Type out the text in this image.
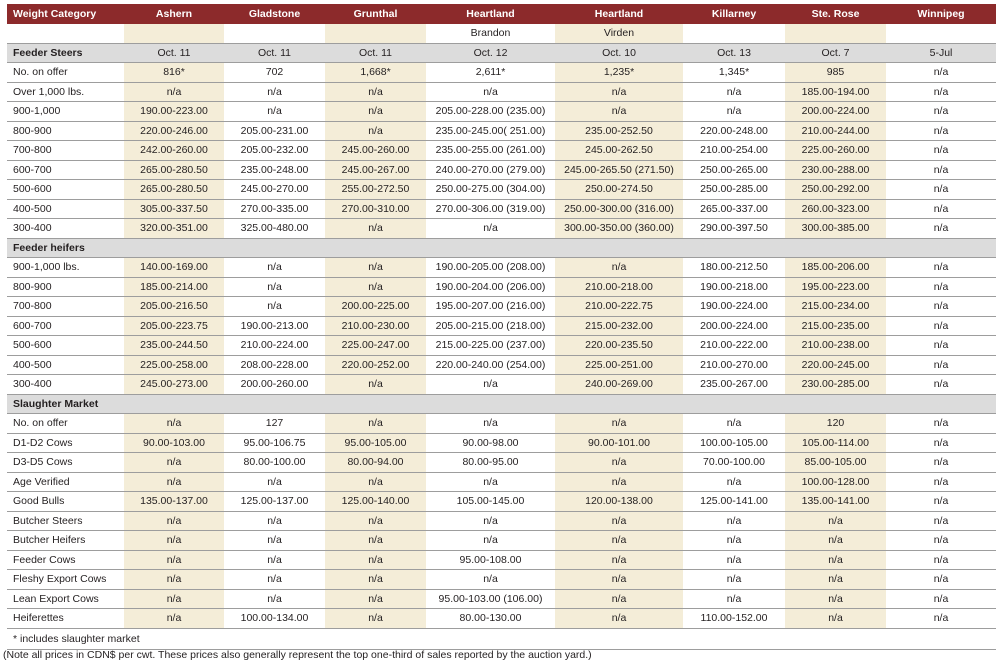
Weight Category	Ashern	Gladstone	Grunthal	Heartland	Heartland	Killarney	Ste. Rose	Winnipeg
				Brandon	Virden			
Feeder Steers	Oct. 11	Oct. 11	Oct. 11	Oct. 12	Oct. 10	Oct. 13	Oct. 7	5-Jul
No. on offer	816*	702	1,668*	2,611*	1,235*	1,345*	985	n/a
Over 1,000 lbs.	n/a	n/a	n/a	n/a	n/a	n/a	185.00-194.00	n/a
900-1,000	190.00-223.00	n/a	n/a	205.00-228.00 (235.00)	n/a	n/a	200.00-224.00	n/a
800-900	220.00-246.00	205.00-231.00	n/a	235.00-245.00( 251.00)	235.00-252.50	220.00-248.00	210.00-244.00	n/a
700-800	242.00-260.00	205.00-232.00	245.00-260.00	235.00-255.00 (261.00)	245.00-262.50	210.00-254.00	225.00-260.00	n/a
600-700	265.00-280.50	235.00-248.00	245.00-267.00	240.00-270.00 (279.00)	245.00-265.50 (271.50)	250.00-265.00	230.00-288.00	n/a
500-600	265.00-280.50	245.00-270.00	255.00-272.50	250.00-275.00 (304.00)	250.00-274.50	250.00-285.00	250.00-292.00	n/a
400-500	305.00-337.50	270.00-335.00	270.00-310.00	270.00-306.00 (319.00)	250.00-300.00 (316.00)	265.00-337.00	260.00-323.00	n/a
300-400	320.00-351.00	325.00-480.00	n/a	n/a	300.00-350.00 (360.00)	290.00-397.50	300.00-385.00	n/a
Feeder heifers								
900-1,000 lbs.	140.00-169.00	n/a	n/a	190.00-205.00 (208.00)	n/a	180.00-212.50	185.00-206.00	n/a
800-900	185.00-214.00	n/a	n/a	190.00-204.00 (206.00)	210.00-218.00	190.00-218.00	195.00-223.00	n/a
700-800	205.00-216.50	n/a	200.00-225.00	195.00-207.00 (216.00)	210.00-222.75	190.00-224.00	215.00-234.00	n/a
600-700	205.00-223.75	190.00-213.00	210.00-230.00	205.00-215.00 (218.00)	215.00-232.00	200.00-224.00	215.00-235.00	n/a
500-600	235.00-244.50	210.00-224.00	225.00-247.00	215.00-225.00 (237.00)	220.00-235.50	210.00-222.00	210.00-238.00	n/a
400-500	225.00-258.00	208.00-228.00	220.00-252.00	220.00-240.00 (254.00)	225.00-251.00	210.00-270.00	220.00-245.00	n/a
300-400	245.00-273.00	200.00-260.00	n/a	n/a	240.00-269.00	235.00-267.00	230.00-285.00	n/a
Slaughter Market								
No. on offer	n/a	127	n/a	n/a	n/a	n/a	120	n/a
D1-D2 Cows	90.00-103.00	95.00-106.75	95.00-105.00	90.00-98.00	90.00-101.00	100.00-105.00	105.00-114.00	n/a
D3-D5 Cows	n/a	80.00-100.00	80.00-94.00	80.00-95.00	n/a	70.00-100.00	85.00-105.00	n/a
Age Verified	n/a	n/a	n/a	n/a	n/a	n/a	100.00-128.00	n/a
Good Bulls	135.00-137.00	125.00-137.00	125.00-140.00	105.00-145.00	120.00-138.00	125.00-141.00	135.00-141.00	n/a
Butcher Steers	n/a	n/a	n/a	n/a	n/a	n/a	n/a	n/a
Butcher Heifers	n/a	n/a	n/a	n/a	n/a	n/a	n/a	n/a
Feeder Cows	n/a	n/a	n/a	95.00-108.00	n/a	n/a	n/a	n/a
Fleshy Export Cows	n/a	n/a	n/a	n/a	n/a	n/a	n/a	n/a
Lean Export Cows	n/a	n/a	n/a	95.00-103.00 (106.00)	n/a	n/a	n/a	n/a
Heiferettes	n/a	100.00-134.00	n/a	80.00-130.00	n/a	110.00-152.00	n/a	n/a
* includes slaughter market								
(Note all prices in CDN$ per cwt. These prices also generally represent the top one-third of sales reported by the auction yard.)
